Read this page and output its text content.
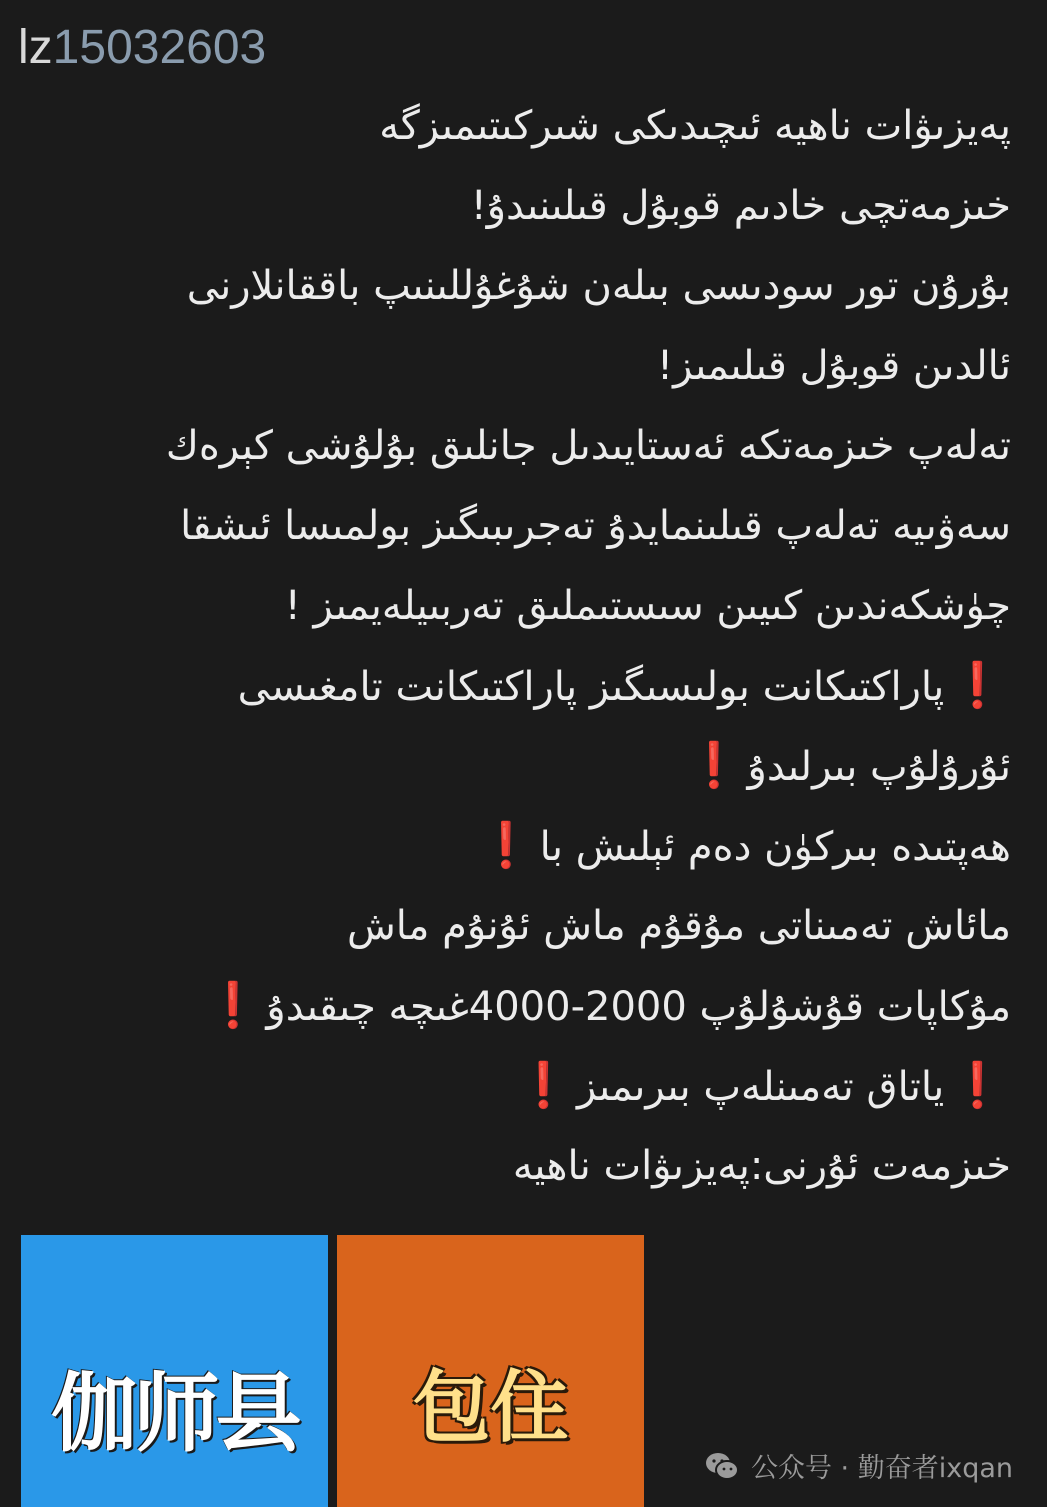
lz15032603
پەيزىۋات ناھيە ئىچىدىكى شىركىتىمىزگە
خىزمەتچى خادىم قوبۇل قىلىنىدۇ!
بۇرۇن تور سودىسى بىلەن شۇغۇللىنىپ باققانلارنى
ئالدىن قوبۇل قىلىمىز!
تەلەپ خىزمەتكە ئەستايىدىل جانلىق بۇلۇشى كېرەك
سەۋىيە تەلەپ قىلىنمايدۇ تەجرىبىگىز بولمىسا ئىشقا
چۈشكەندىن كىيىن سىستىملىق تەربىيلەيمىز !
❗پاراكتىكانت بولىسىگىز پاراكتىكانت تامغىسى
ئۇرۇلۇپ بىرلىدۇ❗
ھەپتىدە بىركۈن دەم ئېلىش با❗
مائاش تەمىناتى مۇقۇم ماش ئۇنۇم ماش
مۇكاپات قۇشۇلۇپ 2000-4000غىچە چىقىدۇ❗
❗ياتاق تەمىنلەپ بىرىمىز❗
خىزمەت ئۇرنى:پەيزىۋات ناھيە
伽师县 包住
公众号 · 勤奋者ixqan
